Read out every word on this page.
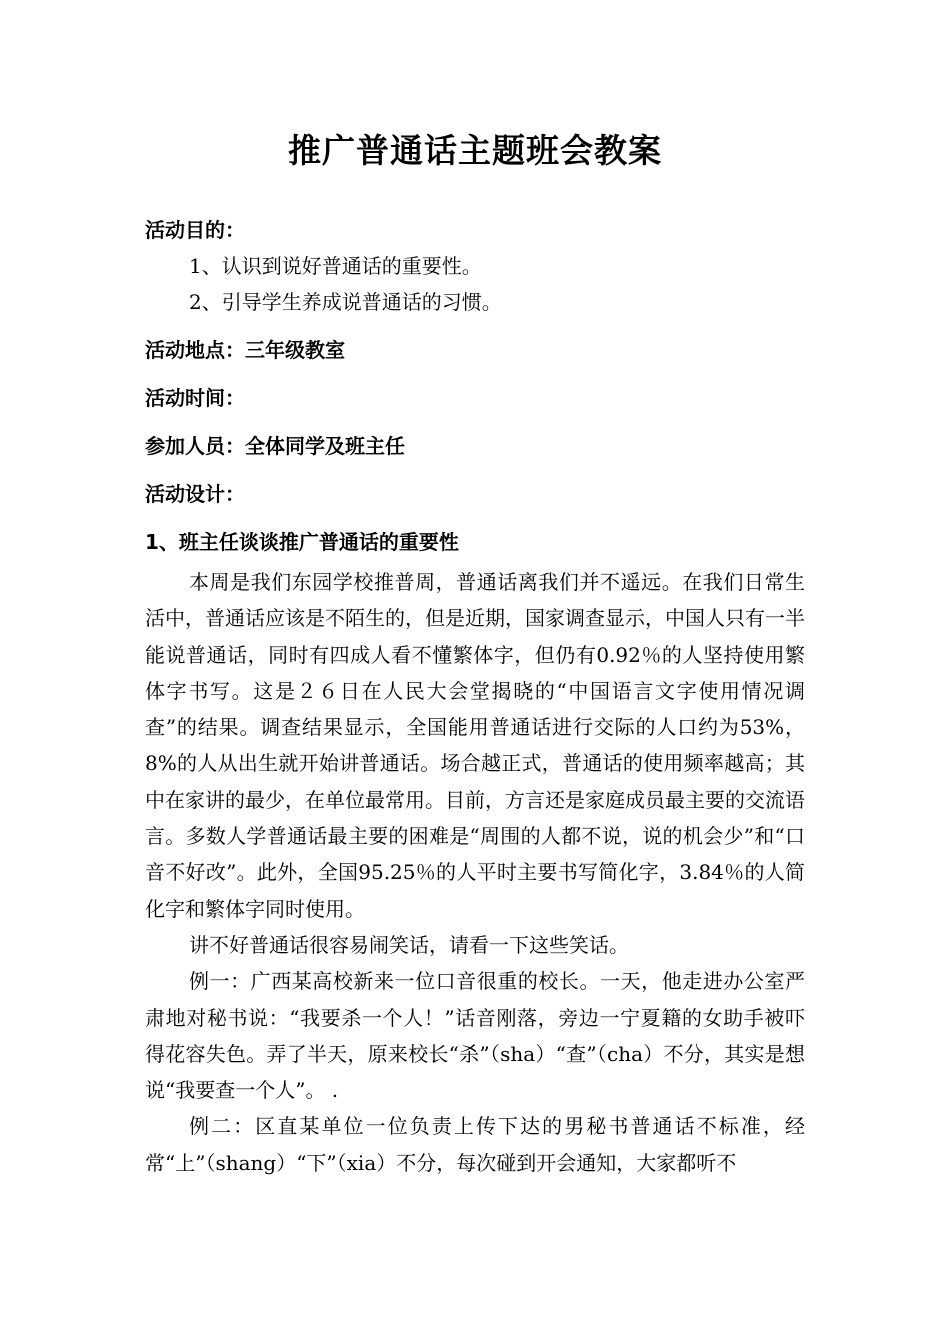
推广普通话主题班会教案
活动目的：
1、认识到说好普通话的重要性。
2、引导学生养成说普通话的习惯。
活动地点：三年级教室
活动时间：
参加人员：全体同学及班主任
活动设计：
1、班主任谈谈推广普通话的重要性

本周是我们东园学校推普周，普通话离我们并不遥远。在我们日常生活中，普通话应该是不陌生的，但是近期，国家调查显示，中国人只有一半能说普通话，同时有四成人看不懂繁体字，但仍有0.92％的人坚持使用繁体字书写。这是２６日在人民大会堂揭晓的“中国语言文字使用情况调查”的结果。调查结果显示，全国能用普通话进行交际的人口约为53%，8%的人从出生就开始讲普通话。场合越正式，普通话的使用频率越高；其中在家讲的最少，在单位最常用。目前，方言还是家庭成员最主要的交流语言。多数人学普通话最主要的困难是“周围的人都不说，说的机会少”和“口音不好改”。此外，全国95.25％的人平时主要书写简化字，3.84％的人简化字和繁体字同时使用。

讲不好普通话很容易闹笑话，请看一下这些笑话。

例一：广西某高校新来一位口音很重的校长。一天，他走进办公室严肃地对秘书说：“我要杀一个人！”话音刚落，旁边一宁夏籍的女助手被吓得花容失色。弄了半天，原来校长“杀”（sha）“查”（cha）不分，其实是想说“我要查一个人”。 .

例二：区直某单位一位负责上传下达的男秘书普通话不标准，经常“上”（shang）“下”（xia）不分，每次碰到开会通知，大家都听不
